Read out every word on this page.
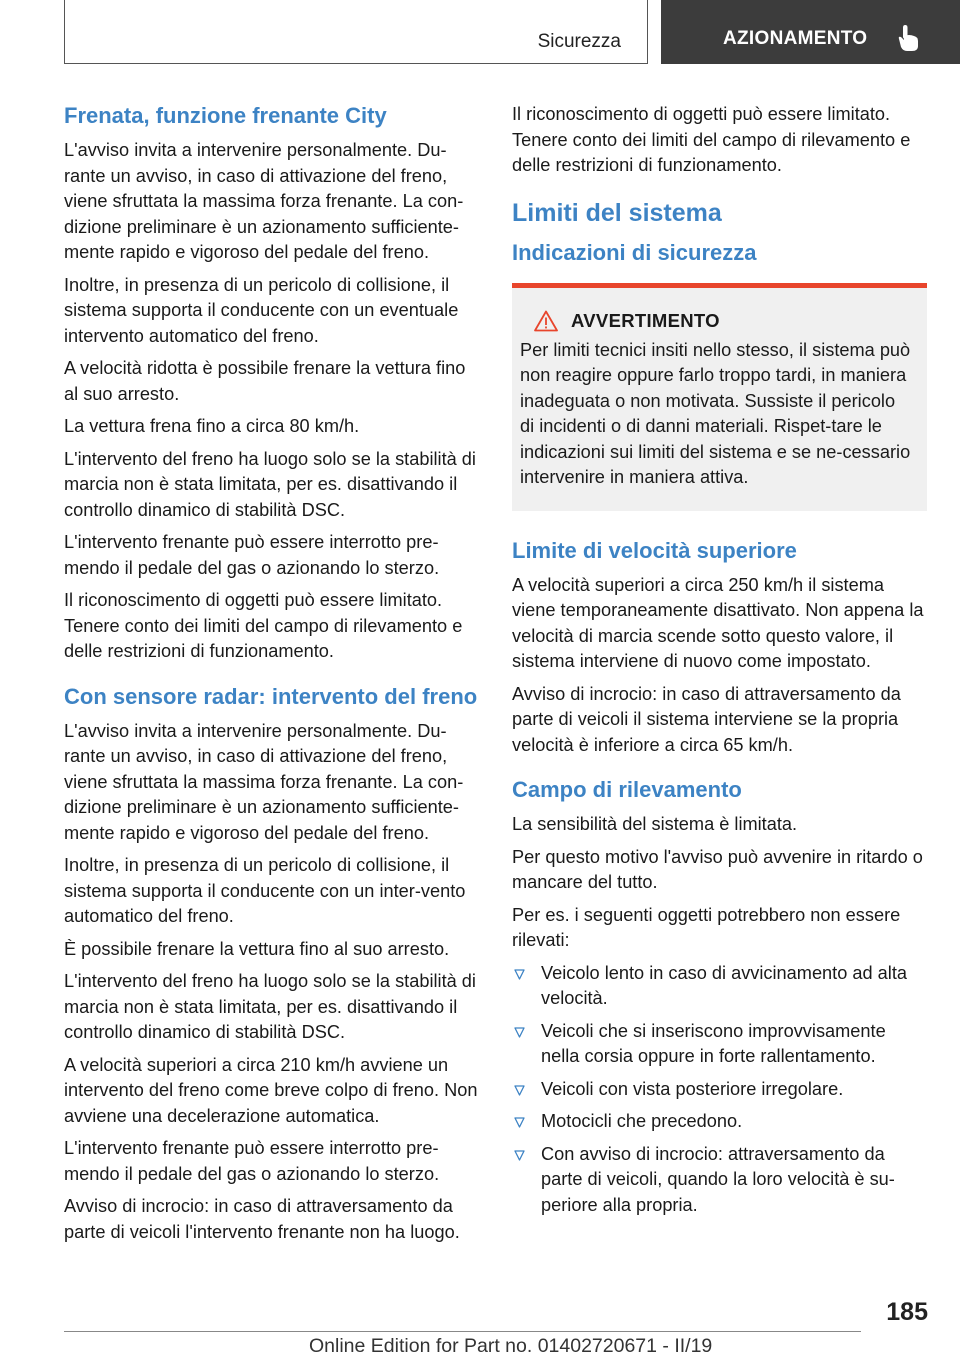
Sicurezza	AZIONAMENTO
Frenata, funzione frenante City

L'avviso invita a intervenire personalmente. Du-rante un avviso, in caso di attivazione del freno, viene sfruttata la massima forza frenante. La con-dizione preliminare è un azionamento sufficiente-mente rapido e vigoroso del pedale del freno.

Inoltre, in presenza di un pericolo di collisione, il sistema supporta il conducente con un eventuale intervento automatico del freno.

A velocità ridotta è possibile frenare la vettura fino al suo arresto.

La vettura frena fino a circa 80 km/h.

L'intervento del freno ha luogo solo se la stabilità di marcia non è stata limitata, per es. disattivando il controllo dinamico di stabilità DSC.

L'intervento frenante può essere interrotto pre-mendo il pedale del gas o azionando lo sterzo.

Il riconoscimento di oggetti può essere limitato. Tenere conto dei limiti del campo di rilevamento e delle restrizioni di funzionamento.

Con sensore radar: intervento del freno

L'avviso invita a intervenire personalmente. Du-rante un avviso, in caso di attivazione del freno, viene sfruttata la massima forza frenante. La con-dizione preliminare è un azionamento sufficiente-mente rapido e vigoroso del pedale del freno.

Inoltre, in presenza di un pericolo di collisione, il sistema supporta il conducente con un inter-vento automatico del freno.

È possibile frenare la vettura fino al suo arresto.

L'intervento del freno ha luogo solo se la stabilità di marcia non è stata limitata, per es. disattivando il controllo dinamico di stabilità DSC.

A velocità superiori a circa 210 km/h avviene un intervento del freno come breve colpo di freno. Non avviene una decelerazione automatica.

L'intervento frenante può essere interrotto pre-mendo il pedale del gas o azionando lo sterzo.

Avviso di incrocio: in caso di attraversamento da parte di veicoli l'intervento frenante non ha luogo.

Il riconoscimento di oggetti può essere limitato. Tenere conto dei limiti del campo di rilevamento e delle restrizioni di funzionamento.

Limiti del sistema
Indicazioni di sicurezza
AVVERTIMENTO

Per limiti tecnici insiti nello stesso, il sistema può non reagire oppure farlo troppo tardi, in maniera inadeguata o non motivata. Sussiste il pericolo di incidenti o di danni materiali. Rispet-tare le indicazioni sui limiti del sistema e se ne-cessario intervenire in maniera attiva.

Limite di velocità superiore

A velocità superiori a circa 250 km/h il sistema viene temporaneamente disattivato. Non appena la velocità di marcia scende sotto questo valore, il sistema interviene di nuovo come impostato.

Avviso di incrocio: in caso di attraversamento da parte di veicoli il sistema interviene se la propria velocità è inferiore a circa 65 km/h.

Campo di rilevamento

La sensibilità del sistema è limitata.

Per questo motivo l'avviso può avvenire in ritardo o mancare del tutto.

Per es. i seguenti oggetti potrebbero non essere rilevati:

Veicolo lento in caso di avvicinamento ad alta velocità.
Veicoli che si inseriscono improvvisamente nella corsia oppure in forte rallentamento.
Veicoli con vista posteriore irregolare.
Motocicli che precedono.
Con avviso di incrocio: attraversamento da parte di veicoli, quando la loro velocità è su-periore alla propria.
185
Online Edition for Part no. 01402720671 - II/19
